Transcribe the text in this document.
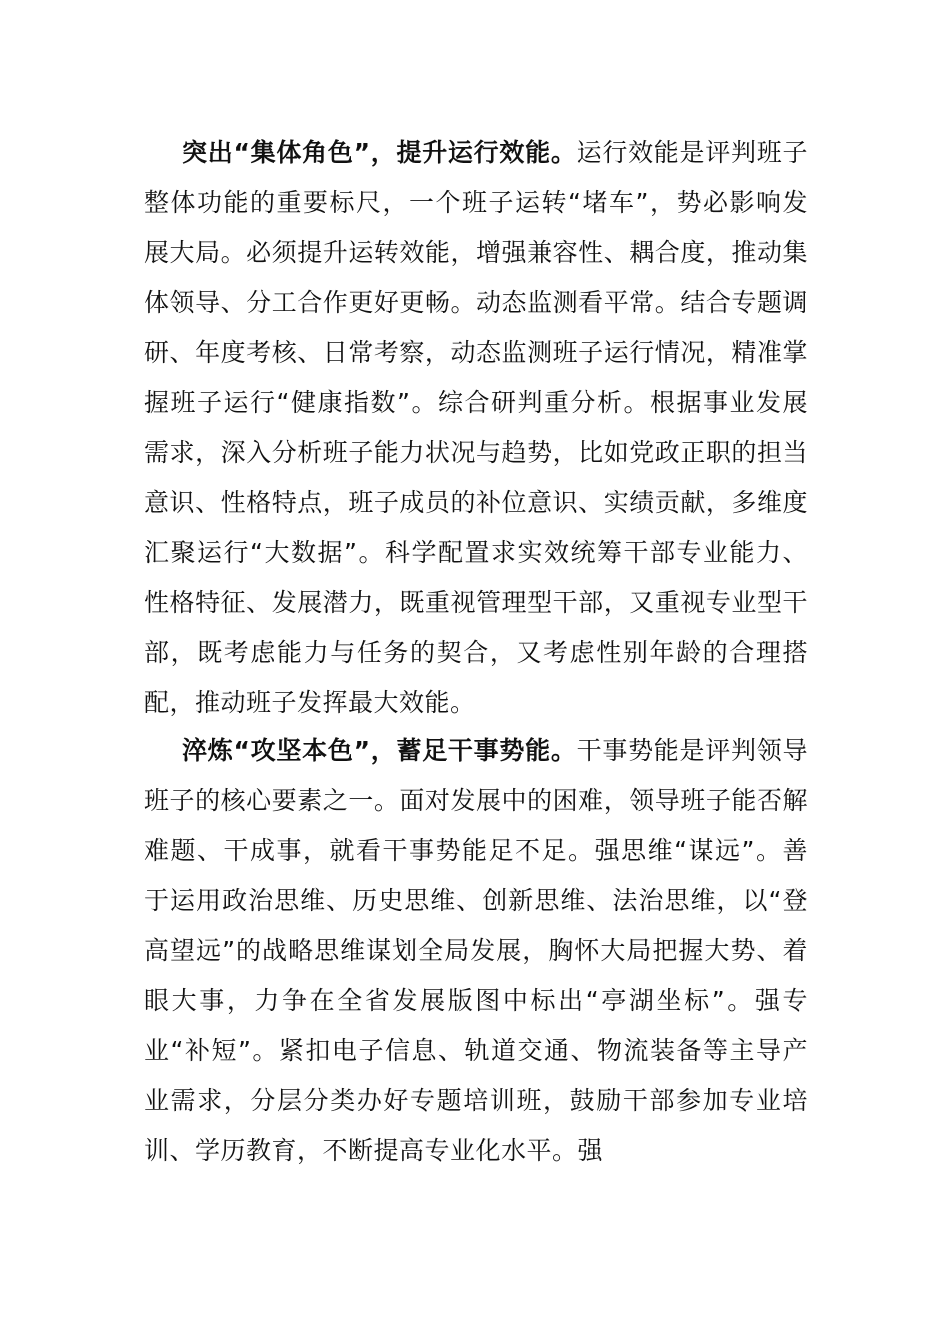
突出“集体角色”，提升运行效能。运行效能是评判班子整体功能的重要标尺，一个班子运转“堵车”，势必影响发展大局。必须提升运转效能，增强兼容性、耦合度，推动集体领导、分工合作更好更畅。动态监测看平常。结合专题调研、年度考核、日常考察，动态监测班子运行情况，精准掌握班子运行“健康指数”。综合研判重分析。根据事业发展需求，深入分析班子能力状况与趋势，比如党政正职的担当意识、性格特点，班子成员的补位意识、实绩贡献，多维度汇聚运行“大数据”。科学配置求实效统筹干部专业能力、性格特征、发展潜力，既重视管理型干部，又重视专业型干部，既考虑能力与任务的契合，又考虑性别年龄的合理搭配，推动班子发挥最大效能。

淬炼“攻坚本色”，蓄足干事势能。干事势能是评判领导班子的核心要素之一。面对发展中的困难，领导班子能否解难题、干成事，就看干事势能足不足。强思维“谋远”。善于运用政治思维、历史思维、创新思维、法治思维，以“登高望远”的战略思维谋划全局发展，胸怀大局把握大势、着眼大事，力争在全省发展版图中标出“亭湖坐标”。强专业“补短”。紧扣电子信息、轨道交通、物流装备等主导产业需求，分层分类办好专题培训班，鼓励干部参加专业培训、学历教育，不断提高专业化水平。强
